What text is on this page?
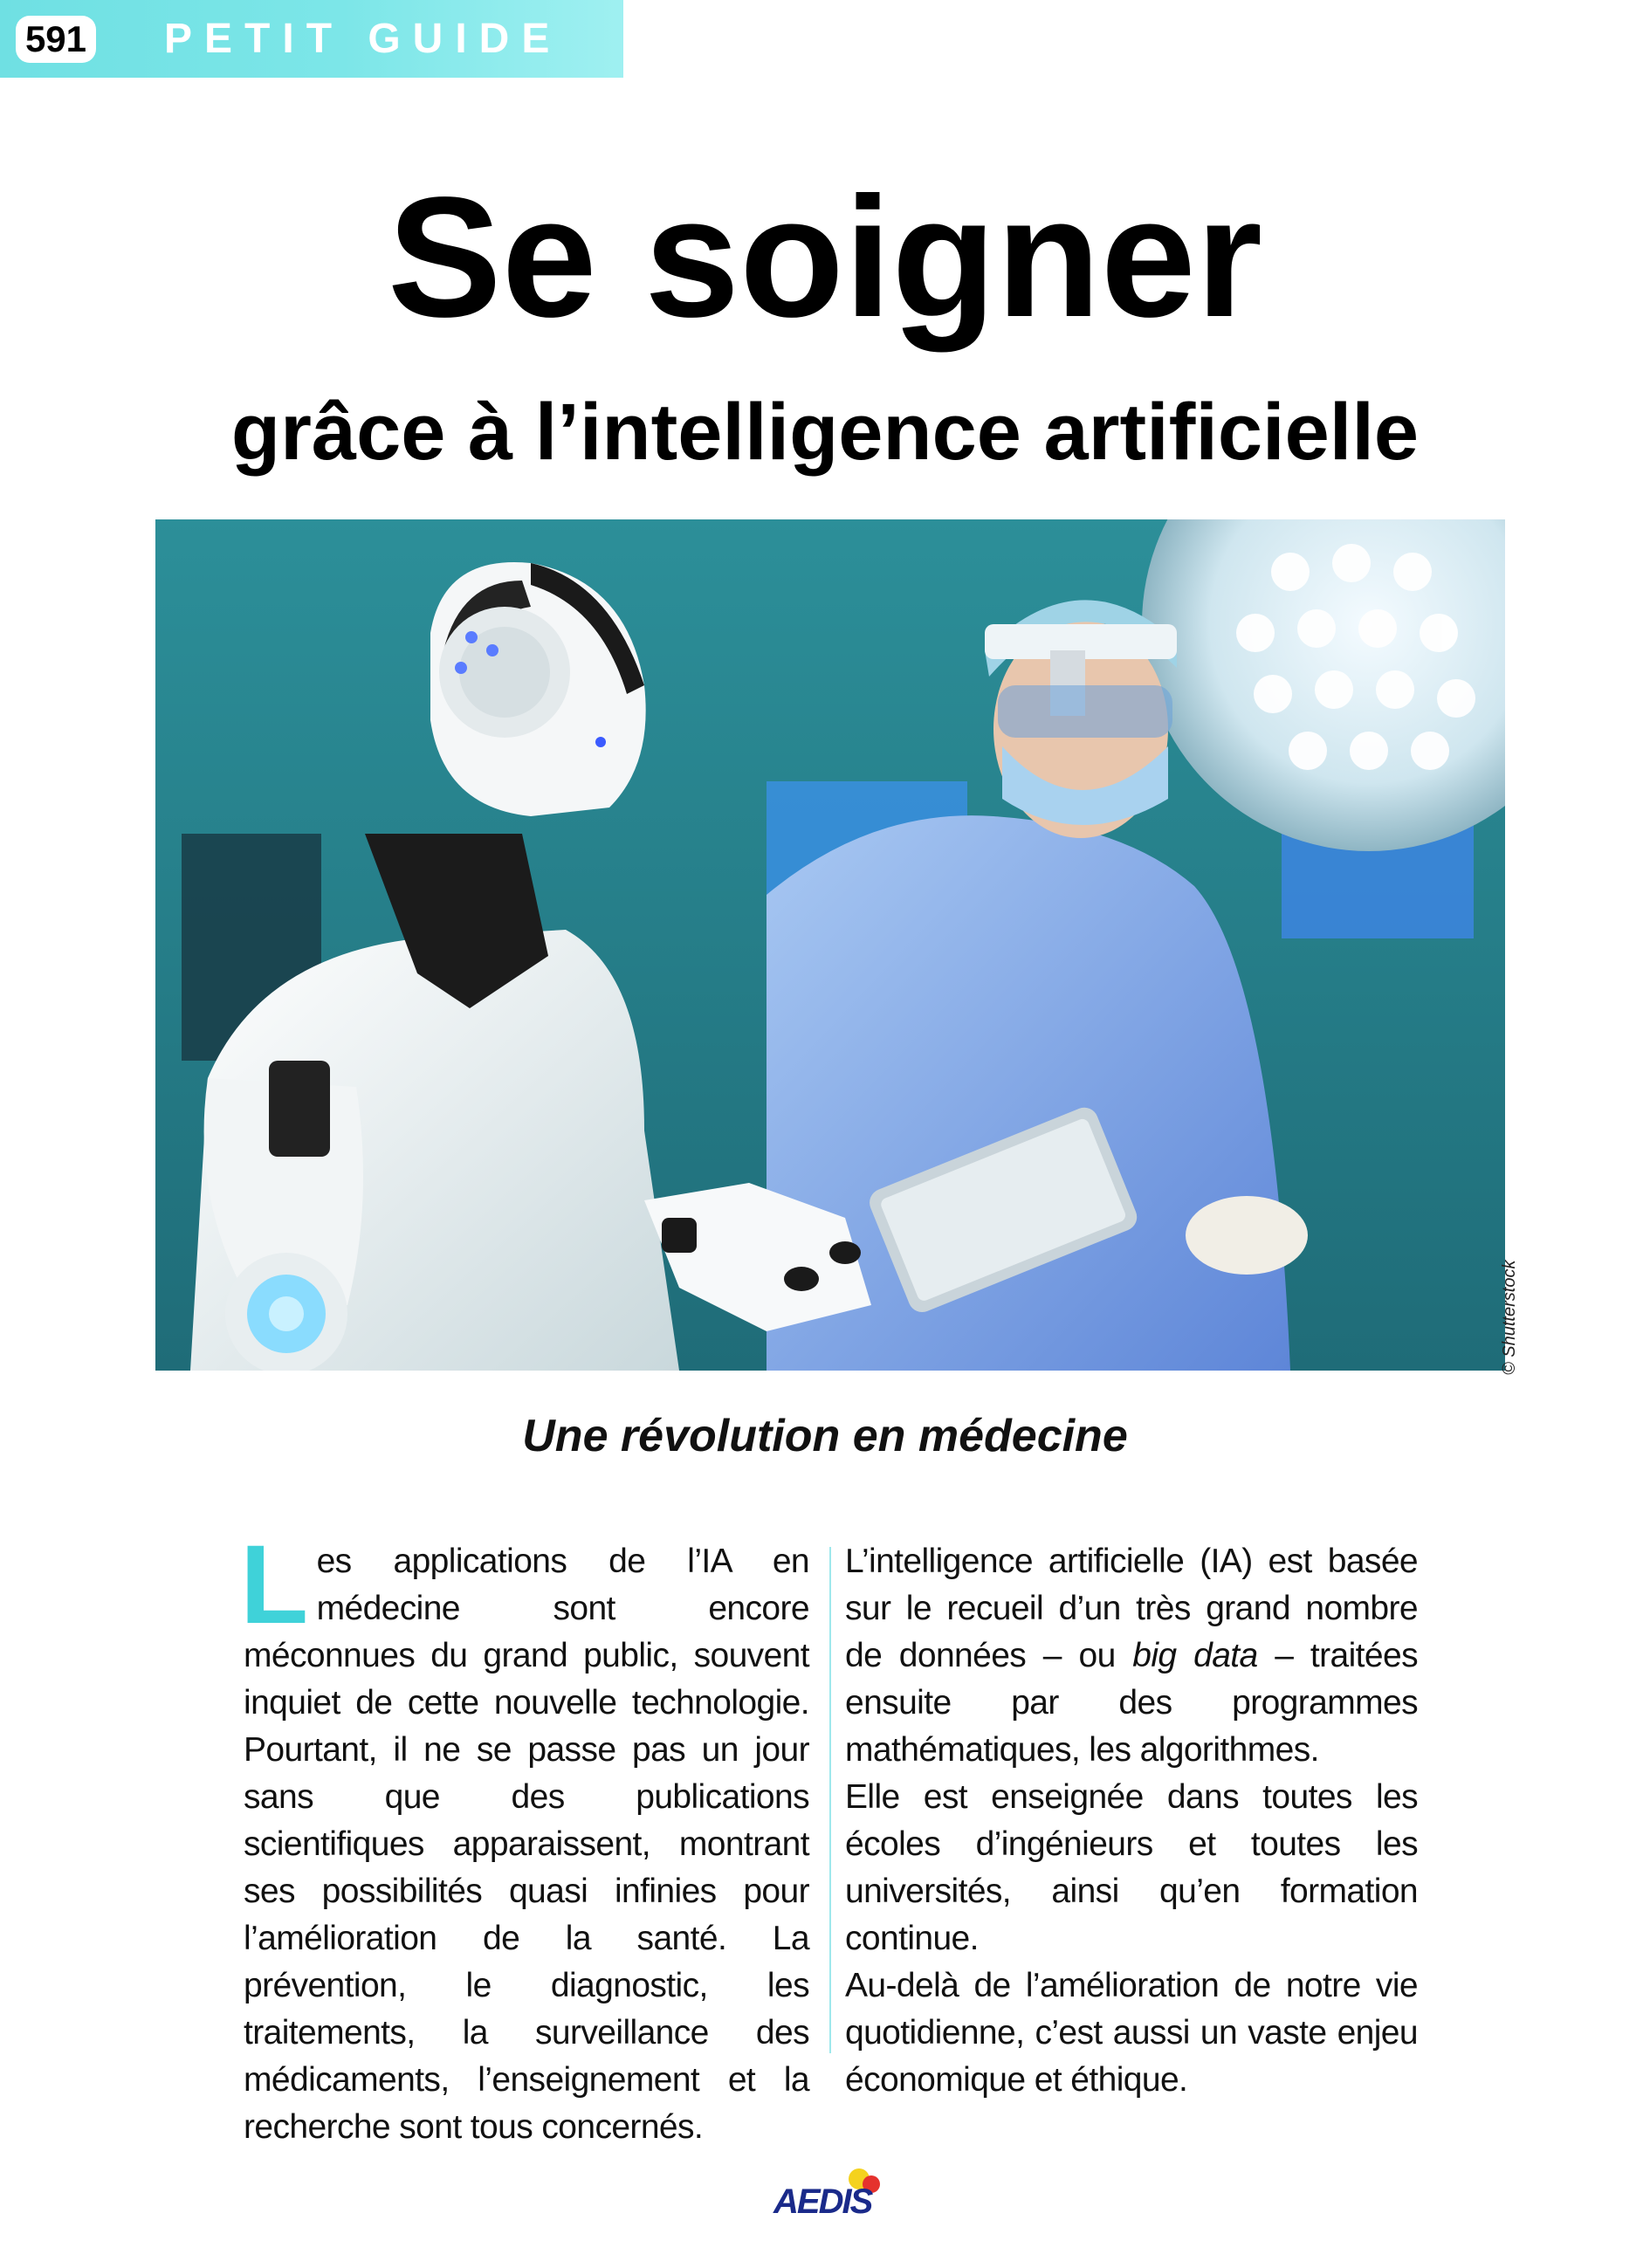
591 PETIT GUIDE
Se soigner
grâce à l’intelligence artificielle
© Shutterstock
Une révolution en médecine

Les applications de l’IA en médecine sont encore méconnues du grand public, souvent inquiet de cette nouvelle technologie. Pourtant, il ne se passe pas un jour sans que des publications scientifiques apparaissent, montrant ses possibilités quasi infinies pour l’amélioration de la santé. La prévention, le diagnostic, les traitements, la surveillance des médicaments, l’enseignement et la recherche sont tous concernés.

L’intelligence artificielle (IA) est basée sur le recueil d’un très grand nombre de données – ou big data – traitées ensuite par des programmes mathématiques, les algorithmes.

Elle est enseignée dans toutes les écoles d’ingénieurs et toutes les universités, ainsi qu’en formation continue.

Au-delà de l’amélioration de notre vie quotidienne, c’est aussi un vaste enjeu économique et éthique.

AEDIS
